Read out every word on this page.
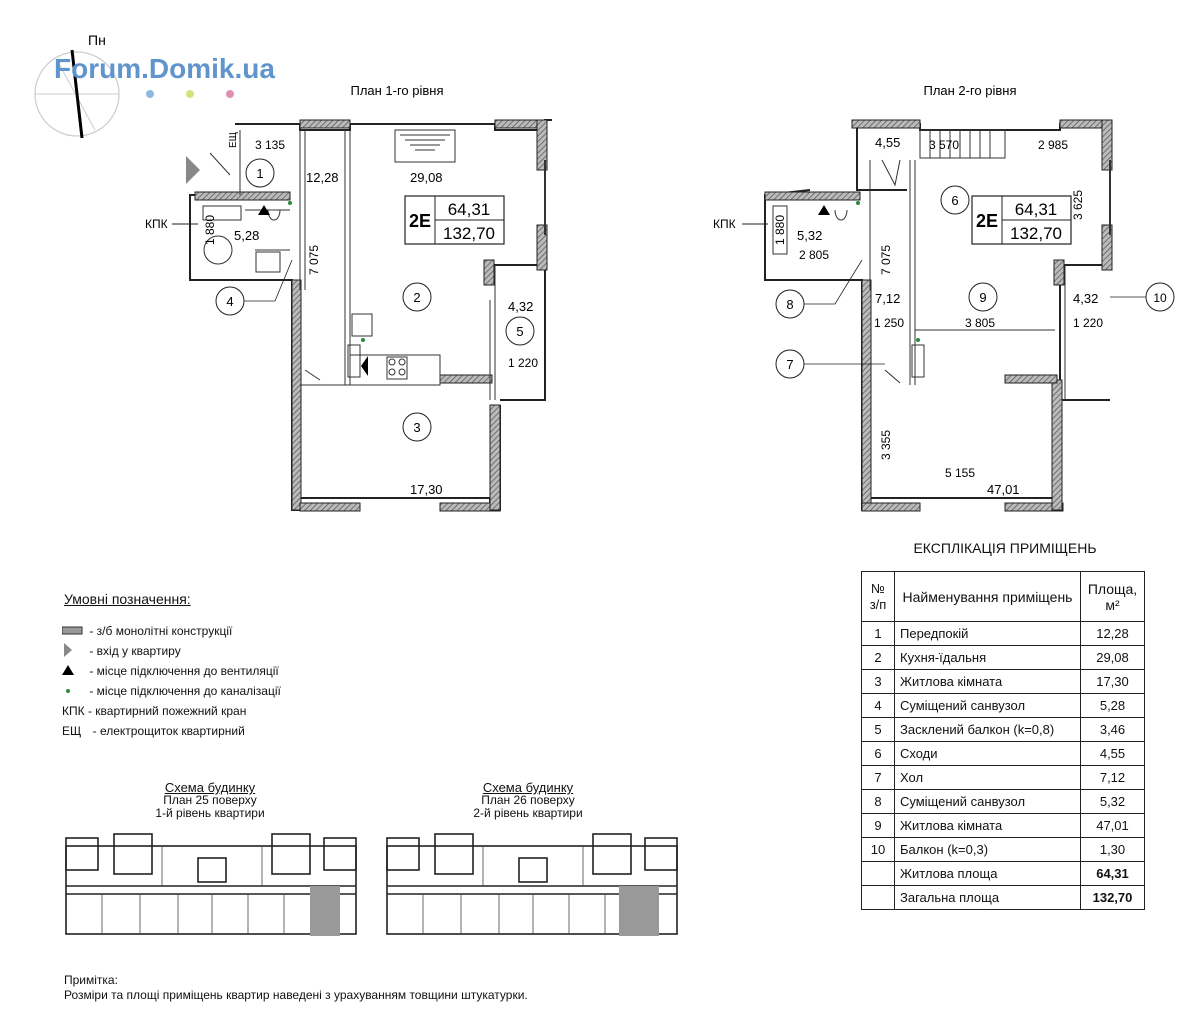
Пн
Forum.Domik.ua
План 1-го рівня
3 135
1 880
7 075
1 220
КПК
ЕЩ
1	12,28	29,08
2
3
17,30
5,28
4	4,32
5
2E
64,31
132,70
План 2-го рівня
3 570	2 985
3 625
1 880
2 805	7 075
1 250	3 805	1 220
3 355
5 155
КПК
4,55
6
7,12
7
5,32
8	9
47,01
4,32	10
2E
64,31
132,70
Умовні позначення:
- з/б монолітні конструкції
- вхід у квартиру
- місце підключення до вентиляції
- місце підключення до каналізації
КПК - квартирний пожежний кран
ЕЩ - електрощиток квартирний
Схема будинку
План 25 поверху
1-й рівень квартири
Схема будинку
План 26 поверху
2-й рівень квартири
ЕКСПЛІКАЦІЯ ПРИМІЩЕНЬ
№ з/п	Найменування приміщень	Площа, м²
1	Передпокій	12,28
2	Кухня-їдальня	29,08
3	Житлова кімната	17,30
4	Суміщений санвузол	5,28
5	Засклений балкон (k=0,8)	3,46
6	Сходи	4,55
7	Хол	7,12
8	Суміщений санвузол	5,32
9	Житлова кімната	47,01
10	Балкон (k=0,3)	1,30
	Житлова площа	64,31
	Загальна площа	132,70
Примітка:
Розміри та площі приміщень квартир наведені з урахуванням товщини штукатурки.
